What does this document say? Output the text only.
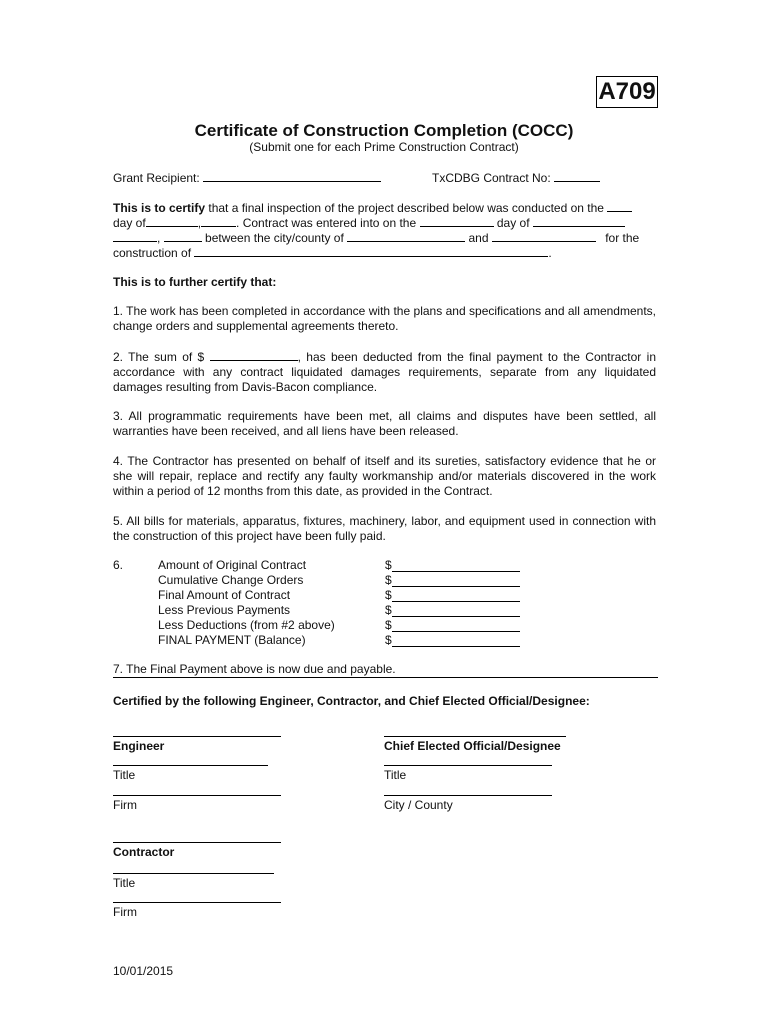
A709
Certificate of Construction Completion (COCC)
(Submit one for each Prime Construction Contract)
Grant Recipient:	TxCDBG Contract No:
This is to certify that a final inspection of the project described below was conducted on the
day of	,	. Contract was entered into on the	day of
,	between the city/county of	and	for the
construction of	.
This is to further certify that:
1. The work has been completed in accordance with the plans and specifications and all amendments, change orders and supplemental agreements thereto.
2. The sum of $	, has been deducted from the final payment to the Contractor in accordance with any contract liquidated damages requirements, separate from any liquidated damages resulting from Davis-Bacon compliance.
3. All programmatic requirements have been met, all claims and disputes have been settled, all warranties have been received, and all liens have been released.
4. The Contractor has presented on behalf of itself and its sureties, satisfactory evidence that he or she will repair, replace and rectify any faulty workmanship and/or materials discovered in the work within a period of 12 months from this date, as provided in the Contract.
5. All bills for materials, apparatus, fixtures, machinery, labor, and equipment used in connection with the construction of this project have been fully paid.
6.	Amount of Original Contract	$
Cumulative Change Orders	$
Final Amount of Contract	$
Less Previous Payments	$
Less Deductions (from #2 above)	$
FINAL PAYMENT (Balance)	$
7. The Final Payment above is now due and payable.
Certified by the following Engineer, Contractor, and Chief Elected Official/Designee:
Engineer
Title
Firm
Chief Elected Official/Designee
Title
City / County
Contractor
Title
Firm
10/01/2015
